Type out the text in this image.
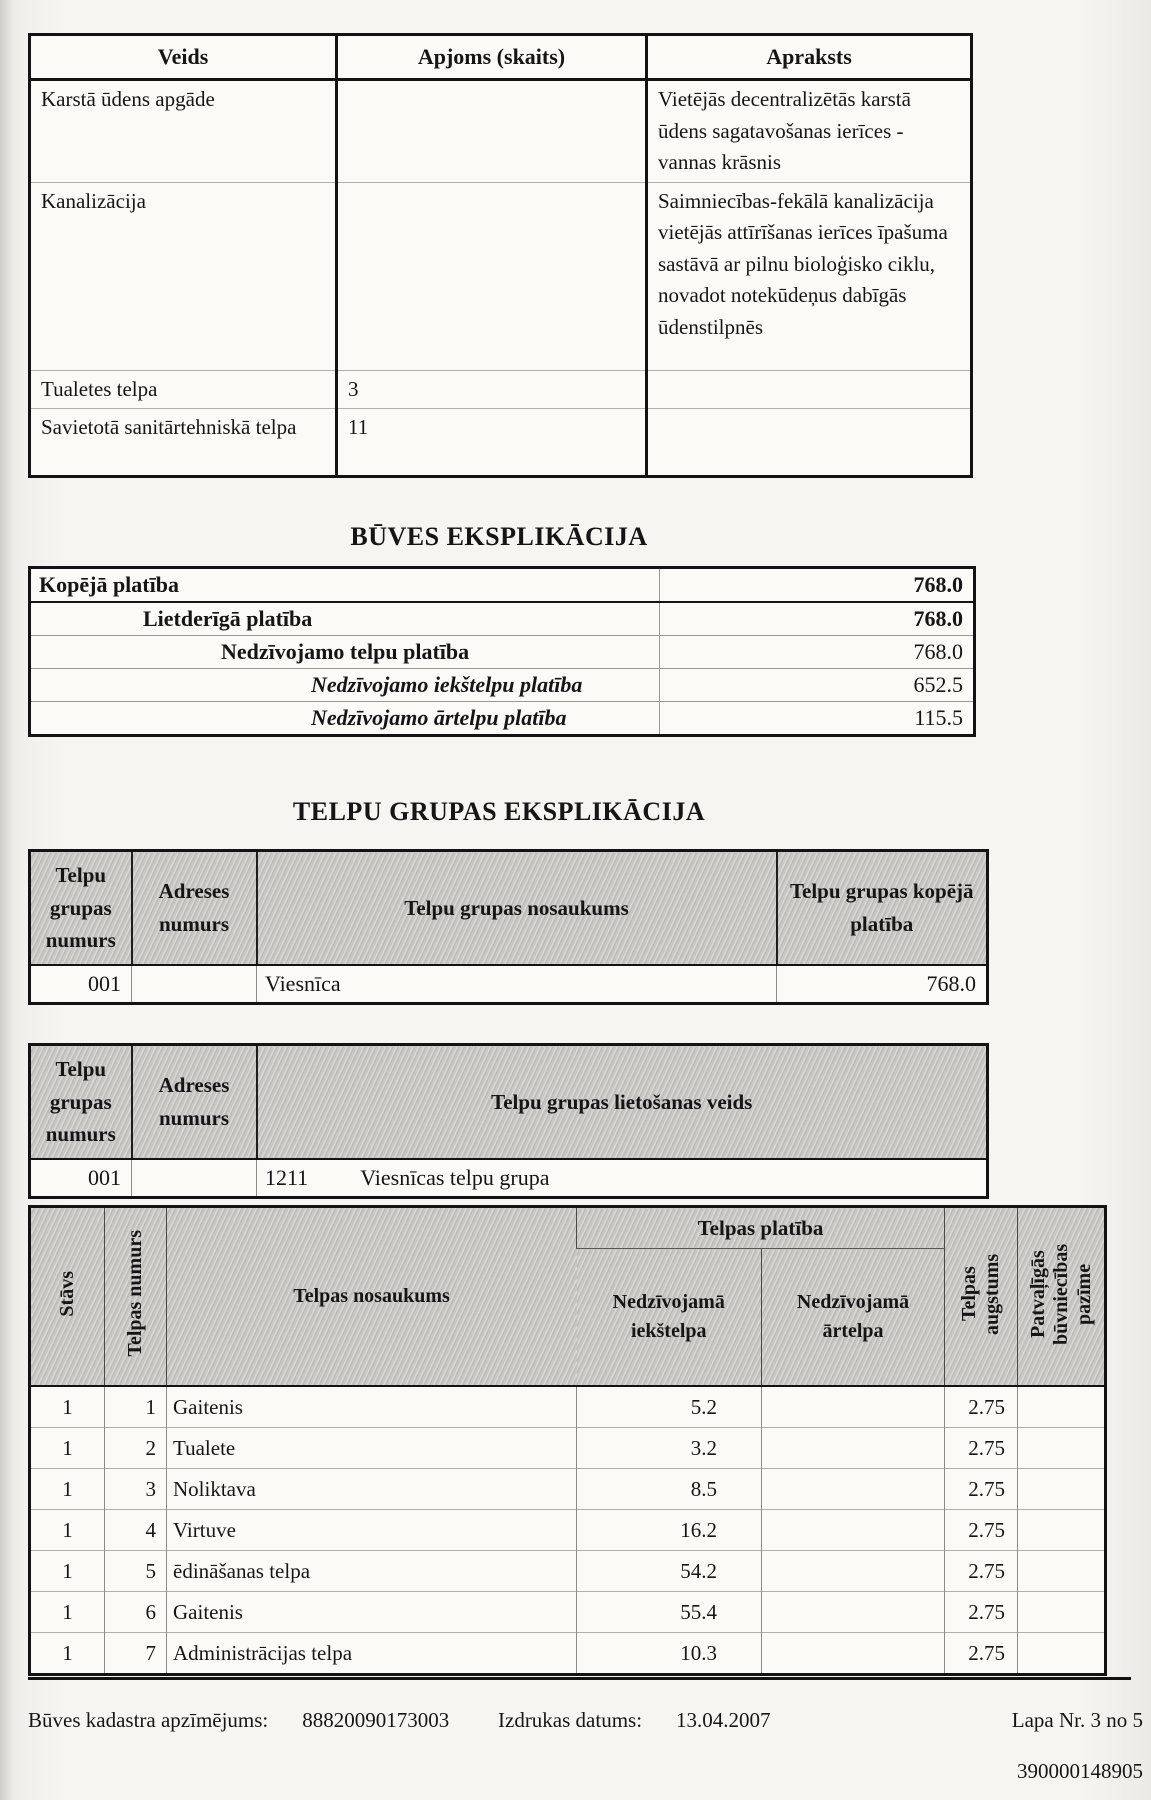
Veids	Apjoms (skaits)	Apraksts
Karstā ūdens apgāde		Vietējās decentralizētās karstā ūdens sagatavošanas ierīces - vannas krāsnis
Kanalizācija		Saimniecības-fekālā kanalizācija vietējās attīrīšanas ierīces īpašuma sastāvā ar pilnu bioloģisko ciklu, novadot notekūdeņus dabīgās ūdenstilpnēs
Tualetes telpa	3	
Savietotā sanitārtehniskā telpa	11	
BŪVES EKSPLIKĀCIJA
Kopējā platība	768.0
Lietderīgā platība	768.0
Nedzīvojamo telpu platība	768.0
Nedzīvojamo iekštelpu platība	652.5
Nedzīvojamo ārtelpu platība	115.5
TELPU GRUPAS EKSPLIKĀCIJA
Telpu grupas numurs	Adreses numurs	Telpu grupas nosaukums	Telpu grupas kopējā platība
001		Viesnīca	768.0
Telpu grupas numurs	Adreses numurs	Telpu grupas lietošanas veids
001		1211 Viesnīcas telpu grupa
Stāvs	Telpas numurs	Telpas nosaukums	Telpas platība		Telpas augstums	Patvaļīgās būvniecības pazīme
			Nedzīvojamā iekštelpa	Nedzīvojamā ārtelpa		
1	1	Gaitenis	5.2		2.75	
1	2	Tualete	3.2		2.75	
1	3	Noliktava	8.5		2.75	
1	4	Virtuve	16.2		2.75	
1	5	ēdināšanas telpa	54.2		2.75	
1	6	Gaitenis	55.4		2.75	
1	7	Administrācijas telpa	10.3		2.75	
Būves kadastra apzīmējums: 88820090173003	Izdrukas datums: 13.04.2007	Lapa Nr. 3 no 5
390000148905
